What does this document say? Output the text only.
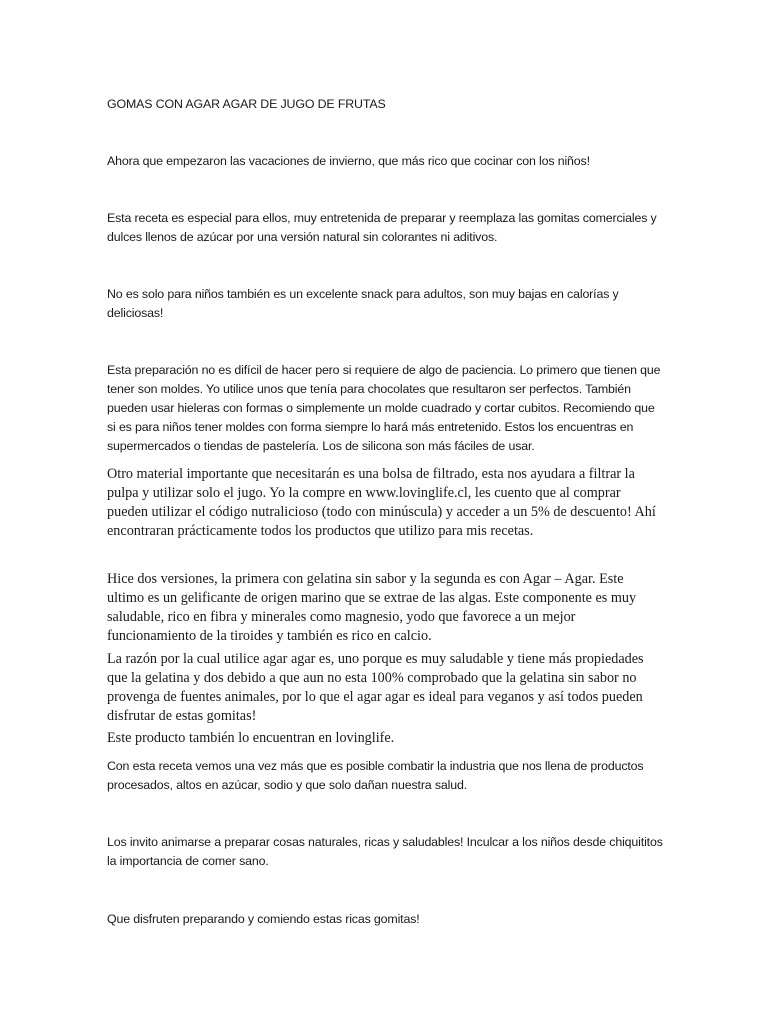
GOMAS CON AGAR AGAR DE JUGO DE FRUTAS

Ahora que empezaron las vacaciones de invierno, que más rico que cocinar con los niños!

Esta receta es especial para ellos, muy entretenida de preparar y reemplaza las gomitas comerciales y dulces llenos de azúcar por una versión natural sin colorantes ni aditivos.

No es solo para niños también es un excelente snack para adultos, son muy bajas en calorías y deliciosas!

Esta preparación no es difícil de hacer pero si requiere de algo de paciencia. Lo primero que tienen que tener son moldes. Yo utilice unos que tenía para chocolates que resultaron ser perfectos. También pueden usar hieleras con formas o simplemente un molde cuadrado y cortar cubitos. Recomiendo que si es para niños tener moldes con forma siempre lo hará más entretenido. Estos los encuentras en supermercados o tiendas de pastelería. Los de silicona son más fáciles de usar.

Otro material importante que necesitarán es una bolsa de filtrado, esta nos ayudara a filtrar la pulpa y utilizar solo el jugo. Yo la compre en www.lovinglife.cl, les cuento que al comprar pueden utilizar el código nutralicioso (todo con minúscula) y acceder a un 5% de descuento! Ahí encontraran prácticamente todos los productos que utilizo para mis recetas.

Hice dos versiones, la primera con gelatina sin sabor y la segunda es con Agar – Agar. Este ultimo es un gelificante de origen marino que se extrae de las algas. Este componente es muy saludable, rico en fibra y minerales como magnesio, yodo que favorece a un mejor funcionamiento de la tiroides y también es rico en calcio.

La razón por la cual utilice agar agar es, uno porque es muy saludable y tiene más propiedades que la gelatina y dos debido a que aun no esta 100% comprobado que la gelatina sin sabor no provenga de fuentes animales, por lo que el agar agar es ideal para veganos y así todos pueden disfrutar de estas gomitas!

Este producto también lo encuentran en lovinglife.

Con esta receta vemos una vez más que es posible combatir la industria que nos llena de productos procesados, altos en azúcar, sodio y que solo dañan nuestra salud.

Los invito animarse a preparar cosas naturales, ricas y saludables! Inculcar a los niños desde chiquititos la importancia de comer sano.

Que disfruten preparando y comiendo estas ricas gomitas!
